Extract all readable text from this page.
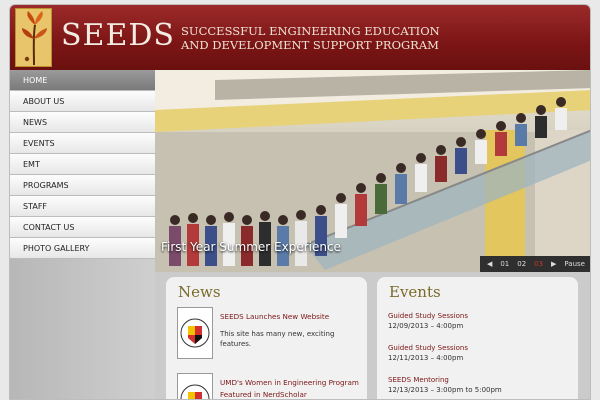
SEEDS SUCCESSFUL ENGINEERING EDUCATION
AND DEVELOPMENT SUPPORT PROGRAM
HOME
ABOUT US
NEWS
EVENTS
EMT
PROGRAMS
STAFF
CONTACT US
PHOTO GALLERY	First Year Summer Experience
◀ 01 02 03 ▶ Pause
News
SEEDS Launches New Website
This site has many new, exciting features.
UMD's Women in Engineering Program Featured in NerdScholar
Events
Guided Study Sessions
12/09/2013 – 4:00pm
Guided Study Sessions
12/11/2013 – 4:00pm
SEEDS Mentoring
12/13/2013 – 3:00pm to 5:00pm
